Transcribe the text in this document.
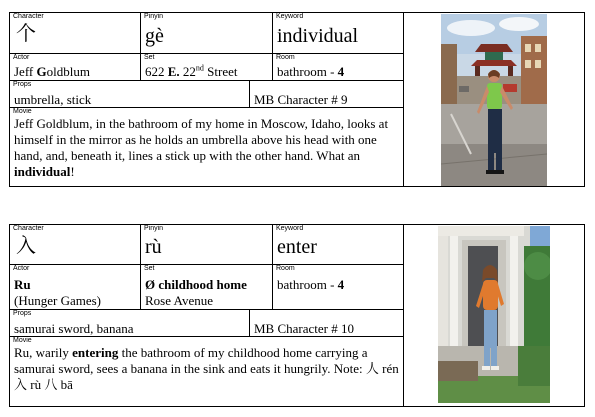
Character
个
Pinyin
gè
Keyword
individual
Actor
Jeff Goldblum
Set
622 E. 22nd Street
Room
bathroom - 4
Props
umbrella, stick	MB Character # 9
Movie
Jeff Goldblum, in the bathroom of my home in Moscow, Idaho, looks at himself in the mirror as he holds an umbrella above his head with one hand, and, beneath it, lines a stick up with the other hand. What an individual!
Character
入
Pinyin
rù
Keyword
enter
Actor
Ru
(Hunger Games)
Set
Ø childhood home
Rose Avenue
Room
bathroom - 4
Props
samurai sword, banana	MB Character # 10
Movie
Ru, warily entering the bathroom of my childhood home carrying a samurai sword, sees a banana in the sink and eats it hungrily. Note: 人 rén 入 rù 八 bā
